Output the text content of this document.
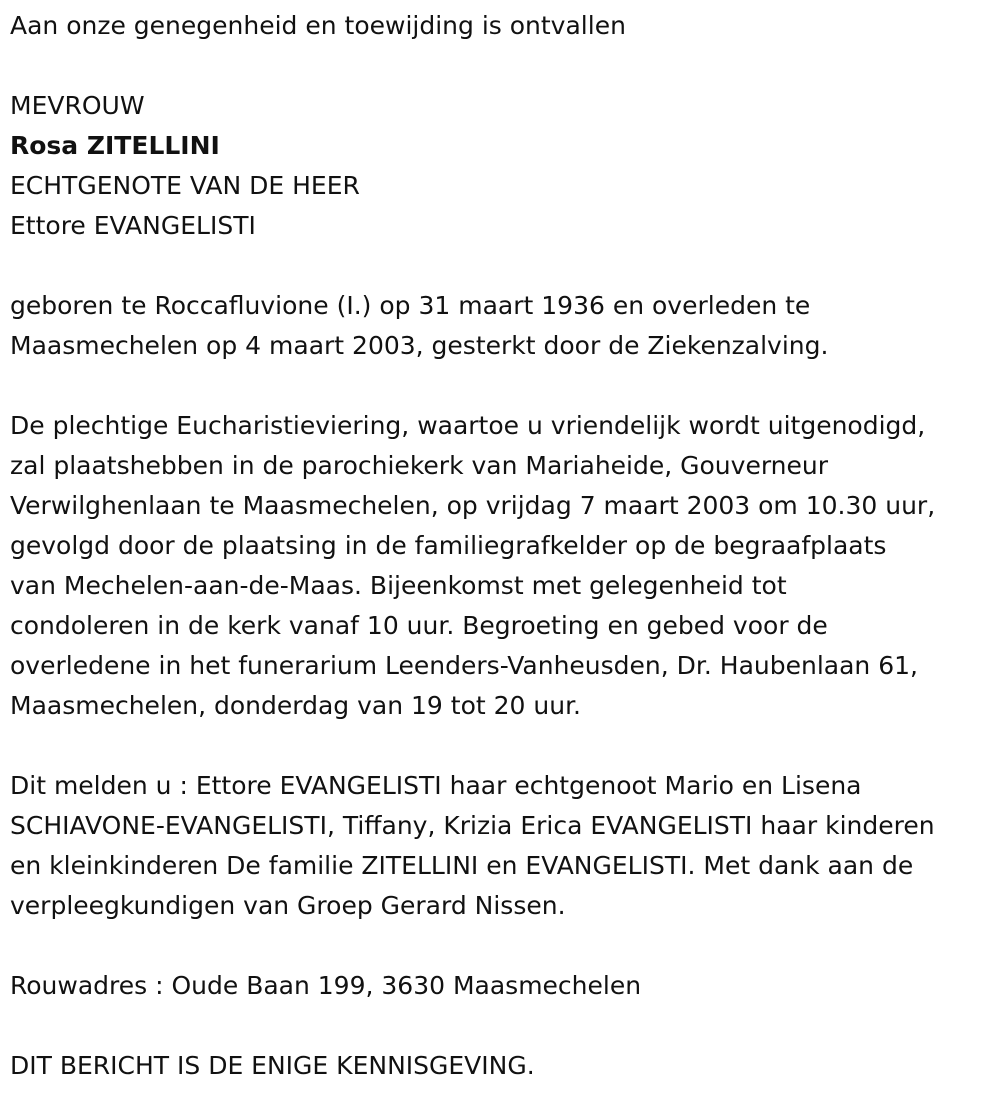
Aan onze genegenheid en toewijding is ontvallen

MEVROUW

Rosa ZITELLINI

ECHTGENOTE VAN DE HEER

Ettore EVANGELISTI

geboren te Roccafluvione (I.) op 31 maart 1936 en overleden te
Maasmechelen op 4 maart 2003, gesterkt door de Ziekenzalving.

De plechtige Eucharistieviering, waartoe u vriendelijk wordt uitgenodigd,
zal plaatshebben in de parochiekerk van Mariaheide, Gouverneur
Verwilghenlaan te Maasmechelen, op vrijdag 7 maart 2003 om 10.30 uur,
gevolgd door de plaatsing in de familiegrafkelder op de begraafplaats
van Mechelen-aan-de-Maas. Bijeenkomst met gelegenheid tot
condoleren in de kerk vanaf 10 uur. Begroeting en gebed voor de
overledene in het funerarium Leenders-Vanheusden, Dr. Haubenlaan 61,
Maasmechelen, donderdag van 19 tot 20 uur.

Dit melden u : Ettore EVANGELISTI haar echtgenoot Mario en Lisena
SCHIAVONE-EVANGELISTI, Tiffany, Krizia Erica EVANGELISTI haar kinderen
en kleinkinderen De familie ZITELLINI en EVANGELISTI. Met dank aan de
verpleegkundigen van Groep Gerard Nissen.

Rouwadres : Oude Baan 199, 3630 Maasmechelen

DIT BERICHT IS DE ENIGE KENNISGEVING.
